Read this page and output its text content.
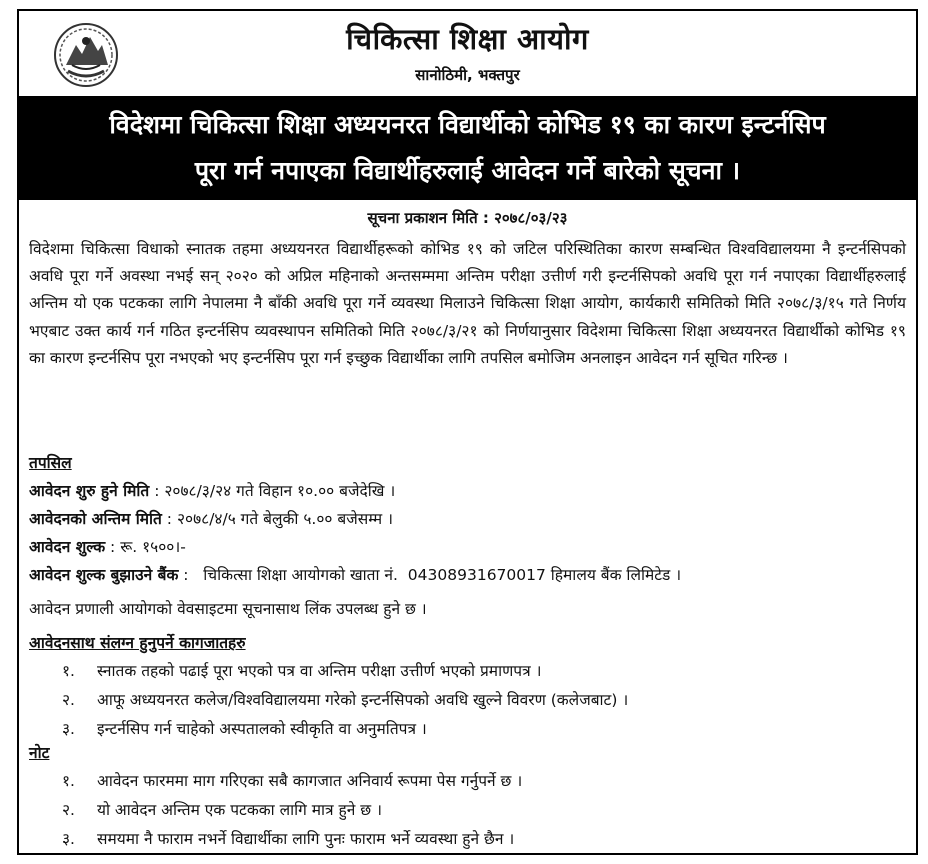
चिकित्सा शिक्षा आयोग
सानोठिमी, भक्तपुर
विदेशमा चिकित्सा शिक्षा अध्ययनरत विद्यार्थीको कोभिड १९ का कारण इन्टर्नसिप
पूरा गर्न नपाएका विद्यार्थीहरुलाई आवेदन गर्ने बारेको सूचना ।
सूचना प्रकाशन मिति : २०७८/०३/२३
विदेशमा चिकित्सा विधाको स्नातक तहमा अध्ययनरत विद्यार्थीहरूको कोभिड १९ को जटिल परिस्थितिका कारण सम्बन्धित विश्वविद्यालयमा नै इन्टर्नसिपको अवधि पूरा गर्ने अवस्था नभई सन् २०२० को अप्रिल महिनाको अन्तसम्ममा अन्तिम परीक्षा उत्तीर्ण गरी इन्टर्नसिपको अवधि पूरा गर्न नपाएका विद्यार्थीहरुलाई अन्तिम यो एक पटकका लागि नेपालमा नै बाँकी अवधि पूरा गर्ने व्यवस्था मिलाउने चिकित्सा शिक्षा आयोग, कार्यकारी समितिको मिति २०७८/३/१५ गते निर्णय भएबाट उक्त कार्य गर्न गठित इन्टर्नसिप व्यवस्थापन समितिको मिति २०७८/३/२१ को निर्णयानुसार विदेशमा चिकित्सा शिक्षा अध्ययनरत विद्यार्थीको कोभिड १९ का कारण इन्टर्नसिप पूरा नभएको भए इन्टर्नसिप पूरा गर्न इच्छुक विद्यार्थीका लागि तपसिल बमोजिम अनलाइन आवेदन गर्न सूचित गरिन्छ ।
तपसिल
आवेदन शुरु हुने मिति : २०७८/३/२४ गते विहान १०.०० बजेदेखि ।
आवेदनको अन्तिम मिति : २०७८/४/५ गते बेलुकी ५.०० बजेसम्म ।
आवेदन शुल्क : रू. १५००।-
आवेदन शुल्क बुझाउने बैंक :   चिकित्सा शिक्षा आयोगको खाता नं.  04308931670017 हिमालय बैंक लिमिटेड ।
आवेदन प्रणाली आयोगको वेवसाइटमा सूचनासाथ लिंक उपलब्ध हुने छ ।
आवेदनसाथ संलग्न हुनुपर्ने कागजातहरु
१.	स्नातक तहको पढाई पूरा भएको पत्र वा अन्तिम परीक्षा उत्तीर्ण भएको प्रमाणपत्र ।
२.	आफू अध्ययनरत कलेज/विश्वविद्यालयमा गरेको इन्टर्नसिपको अवधि खुल्ने विवरण (कलेजबाट) ।
३.	इन्टर्नसिप गर्न चाहेको अस्पतालको स्वीकृति वा अनुमतिपत्र ।
नोट
१.	आवेदन फारममा माग गरिएका सबै कागजात अनिवार्य रूपमा पेस गर्नुपर्ने छ ।
२.	यो आवेदन अन्तिम एक पटकका लागि मात्र हुने छ ।
३.	समयमा नै फाराम नभर्ने विद्यार्थीका लागि पुनः फाराम भर्ने व्यवस्था हुने छैन ।
